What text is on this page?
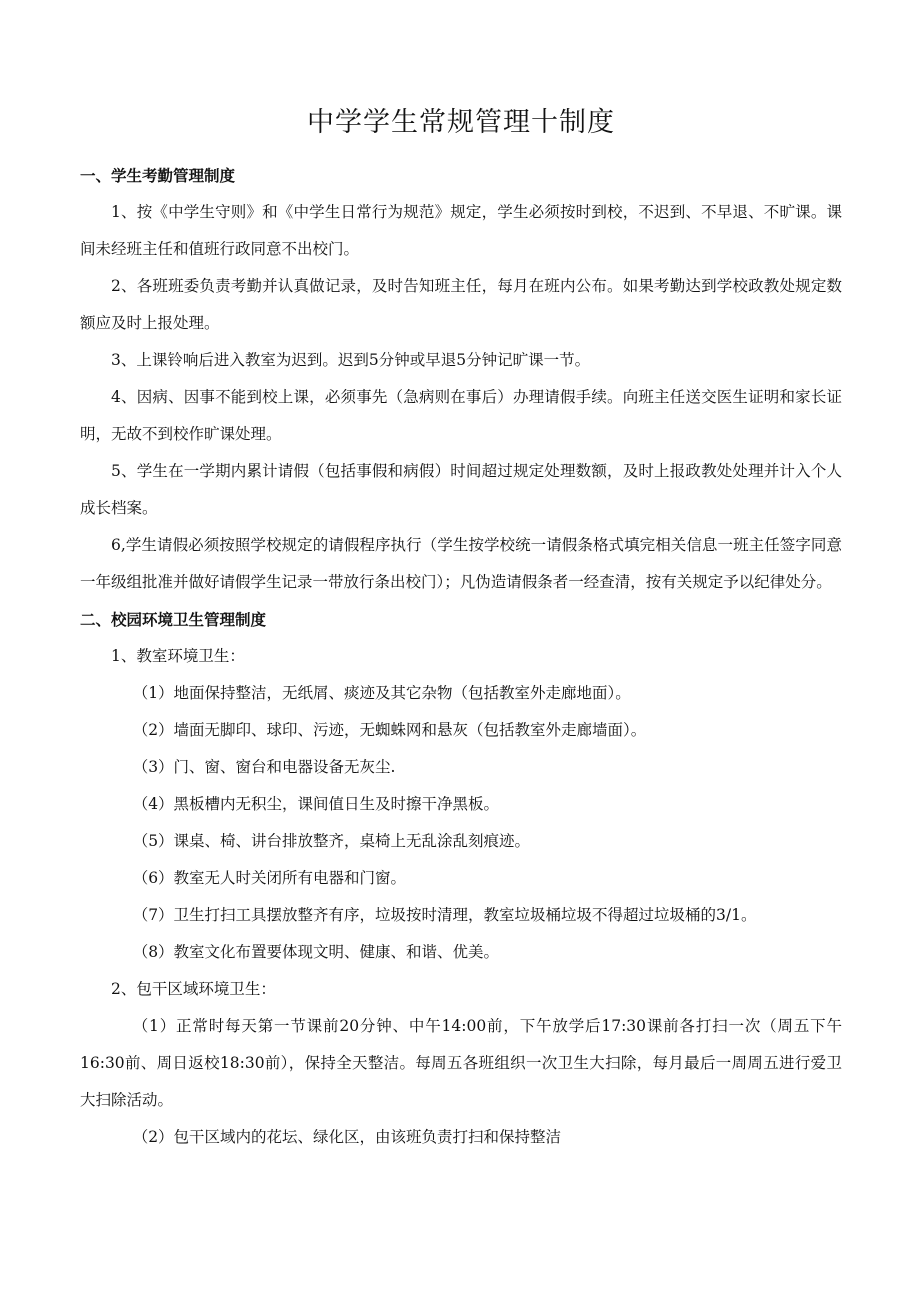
中学学生常规管理十制度
一、学生考勤管理制度

1、按《中学生守则》和《中学生日常行为规范》规定，学生必须按时到校，不迟到、不早退、不旷课。课间未经班主任和值班行政同意不出校门。

2、各班班委负责考勤并认真做记录，及时告知班主任，每月在班内公布。如果考勤达到学校政教处规定数额应及时上报处理。

3、上课铃响后进入教室为迟到。迟到5分钟或早退5分钟记旷课一节。

4、因病、因事不能到校上课，必须事先（急病则在事后）办理请假手续。向班主任送交医生证明和家长证明，无故不到校作旷课处理。

5、学生在一学期内累计请假（包括事假和病假）时间超过规定处理数额，及时上报政教处处理并计入个人成长档案。

6,学生请假必须按照学校规定的请假程序执行（学生按学校统一请假条格式填完相关信息一班主任签字同意一年级组批准并做好请假学生记录一带放行条出校门）；凡伪造请假条者一经查清，按有关规定予以纪律处分。

二、校园环境卫生管理制度
1、教室环境卫生：

（1）地面保持整洁，无纸屑、痰迹及其它杂物（包括教室外走廊地面）。

（2）墙面无脚印、球印、污迹，无蜘蛛网和悬灰（包括教室外走廊墙面）。

（3）门、窗、窗台和电器设备无灰尘.

（4）黑板槽内无积尘，课间值日生及时擦干净黑板。

（5）课桌、椅、讲台排放整齐，桌椅上无乱涂乱刻痕迹。

（6）教室无人时关闭所有电器和门窗。

（7）卫生打扫工具摆放整齐有序，垃圾按时清理，教室垃圾桶垃圾不得超过垃圾桶的3/1。

（8）教室文化布置要体现文明、健康、和谐、优美。

2、包干区域环境卫生：

（1）正常时每天第一节课前20分钟、中午14:00前，下午放学后17:30课前各打扫一次（周五下午16:30前、周日返校18:30前），保持全天整洁。每周五各班组织一次卫生大扫除，每月最后一周周五进行爱卫大扫除活动。

（2）包干区域内的花坛、绿化区，由该班负责打扫和保持整洁
